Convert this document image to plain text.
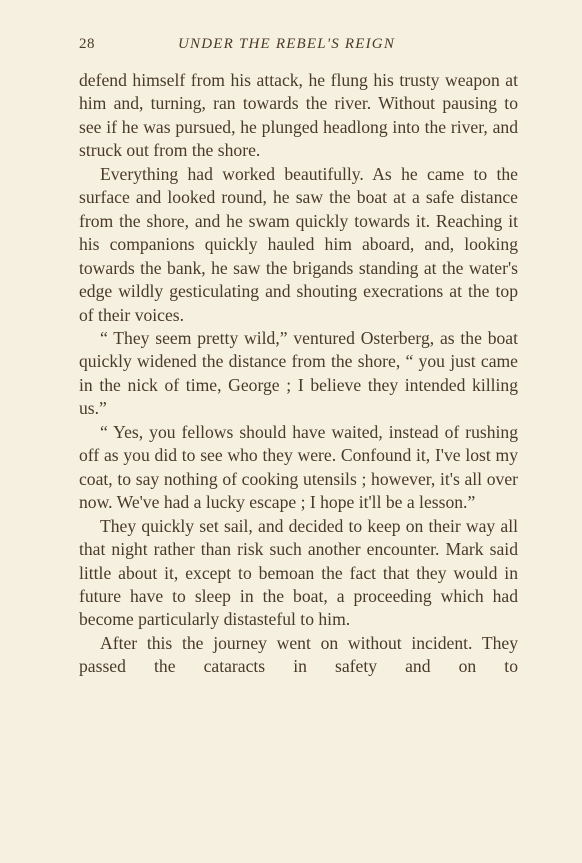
28	UNDER THE REBEL'S REIGN

defend himself from his attack, he flung his trusty weapon at him and, turning, ran towards the river. Without pausing to see if he was pursued, he plunged headlong into the river, and struck out from the shore.

Everything had worked beautifully. As he came to the surface and looked round, he saw the boat at a safe distance from the shore, and he swam quickly towards it. Reaching it his companions quickly hauled him aboard, and, looking towards the bank, he saw the brigands standing at the water's edge wildly gesticulating and shouting execrations at the top of their voices.

“ They seem pretty wild,” ventured Osterberg, as the boat quickly widened the distance from the shore, “ you just came in the nick of time, George ; I believe they intended killing us.”

“ Yes, you fellows should have waited, instead of rushing off as you did to see who they were. Confound it, I've lost my coat, to say nothing of cooking utensils ; however, it's all over now. We've had a lucky escape ; I hope it'll be a lesson.”

They quickly set sail, and decided to keep on their way all that night rather than risk such another encounter. Mark said little about it, except to bemoan the fact that they would in future have to sleep in the boat, a proceeding which had become particularly distasteful to him.

After this the journey went on without incident. They passed the cataracts in safety and on to
